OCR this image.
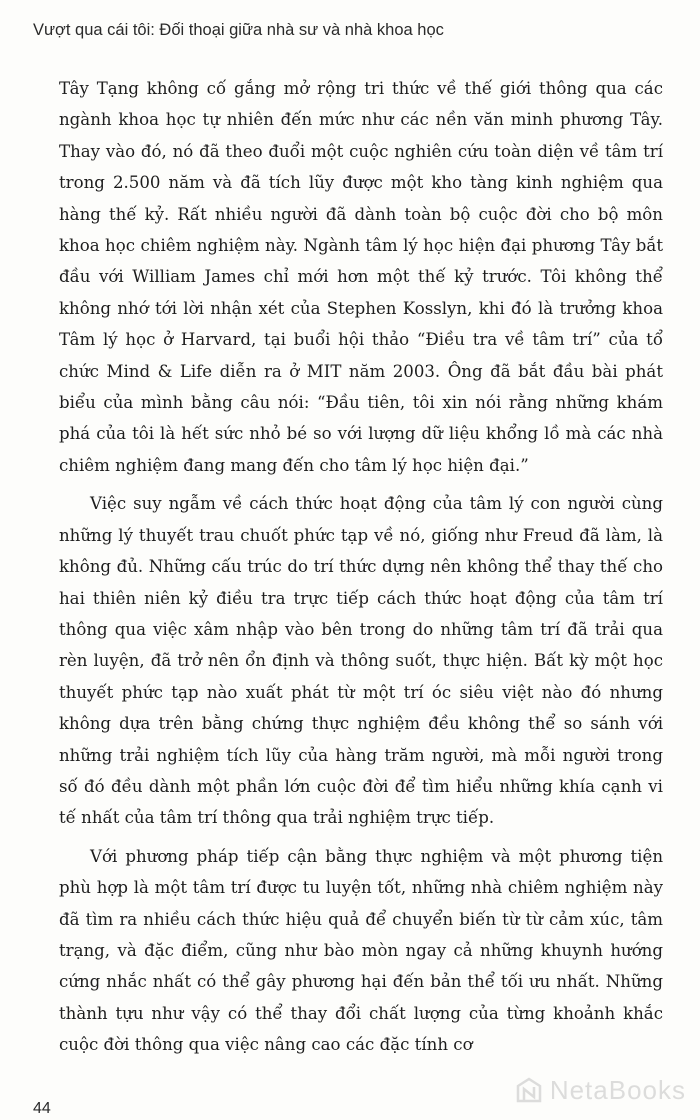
Vượt qua cái tôi: Đối thoại giữa nhà sư và nhà khoa học

Tây Tạng không cố gắng mở rộng tri thức về thế giới thông qua các ngành khoa học tự nhiên đến mức như các nền văn minh phương Tây. Thay vào đó, nó đã theo đuổi một cuộc nghiên cứu toàn diện về tâm trí trong 2.500 năm và đã tích lũy được một kho tàng kinh nghiệm qua hàng thế kỷ. Rất nhiều người đã dành toàn bộ cuộc đời cho bộ môn khoa học chiêm nghiệm này. Ngành tâm lý học hiện đại phương Tây bắt đầu với William James chỉ mới hơn một thế kỷ trước. Tôi không thể không nhớ tới lời nhận xét của Stephen Kosslyn, khi đó là trưởng khoa Tâm lý học ở Harvard, tại buổi hội thảo “Điều tra về tâm trí” của tổ chức Mind & Life diễn ra ở MIT năm 2003. Ông đã bắt đầu bài phát biểu của mình bằng câu nói: “Đầu tiên, tôi xin nói rằng những khám phá của tôi là hết sức nhỏ bé so với lượng dữ liệu khổng lồ mà các nhà chiêm nghiệm đang mang đến cho tâm lý học hiện đại.”

Việc suy ngẫm về cách thức hoạt động của tâm lý con người cùng những lý thuyết trau chuốt phức tạp về nó, giống như Freud đã làm, là không đủ. Những cấu trúc do trí thức dựng nên không thể thay thế cho hai thiên niên kỷ điều tra trực tiếp cách thức hoạt động của tâm trí thông qua việc xâm nhập vào bên trong do những tâm trí đã trải qua rèn luyện, đã trở nên ổn định và thông suốt, thực hiện. Bất kỳ một học thuyết phức tạp nào xuất phát từ một trí óc siêu việt nào đó nhưng không dựa trên bằng chứng thực nghiệm đều không thể so sánh với những trải nghiệm tích lũy của hàng trăm người, mà mỗi người trong số đó đều dành một phần lớn cuộc đời để tìm hiểu những khía cạnh vi tế nhất của tâm trí thông qua trải nghiệm trực tiếp.

Với phương pháp tiếp cận bằng thực nghiệm và một phương tiện phù hợp là một tâm trí được tu luyện tốt, những nhà chiêm nghiệm này đã tìm ra nhiều cách thức hiệu quả để chuyển biến từ từ cảm xúc, tâm trạng, và đặc điểm, cũng như bào mòn ngay cả những khuynh hướng cứng nhắc nhất có thể gây phương hại đến bản thể tối ưu nhất. Những thành tựu như vậy có thể thay đổi chất lượng của từng khoảnh khắc cuộc đời thông qua việc nâng cao các đặc tính cơ

NetaBooks
44
